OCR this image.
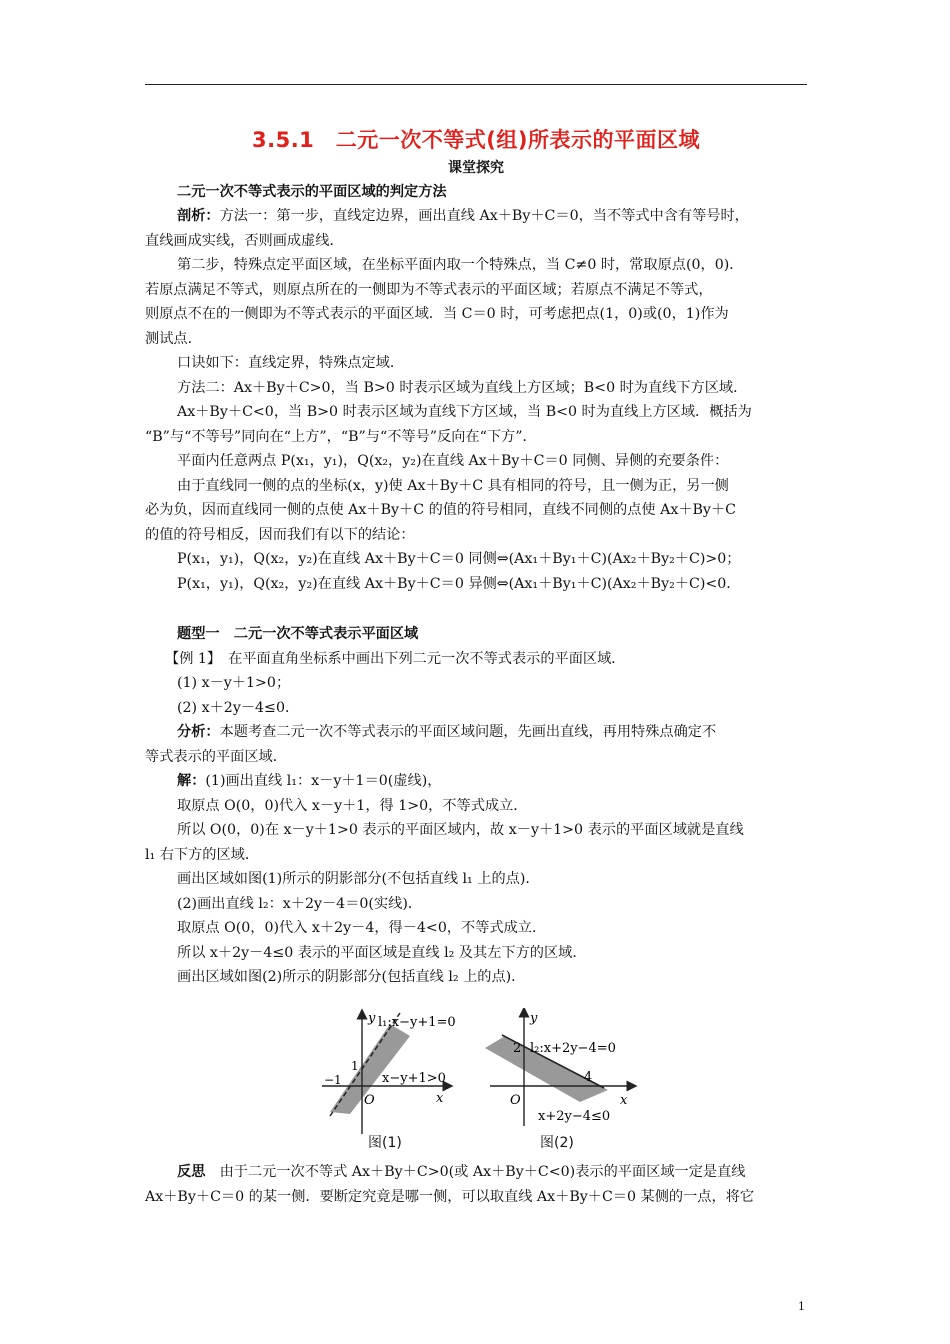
3.5.1　二元一次不等式(组)所表示的平面区域
课堂探究
二元一次不等式表示的平面区域的判定方法
剖析：方法一：第一步，直线定边界，画出直线 Ax＋By＋C＝0，当不等式中含有等号时，
直线画成实线，否则画成虚线．
第二步，特殊点定平面区域，在坐标平面内取一个特殊点，当 C≠0 时，常取原点(0，0)．
若原点满足不等式，则原点所在的一侧即为不等式表示的平面区域；若原点不满足不等式，
则原点不在的一侧即为不等式表示的平面区域．当 C＝0 时，可考虑把点(1，0)或(0，1)作为
测试点．
口诀如下：直线定界，特殊点定域．
方法二：Ax＋By＋C>0，当 B>0 时表示区域为直线上方区域；B<0 时为直线下方区域．
Ax＋By＋C<0，当 B>0 时表示区域为直线下方区域，当 B<0 时为直线上方区域．概括为
“B”与“不等号”同向在“上方”，“B”与“不等号”反向在“下方”．
平面内任意两点 P(x₁，y₁)，Q(x₂，y₂)在直线 Ax＋By＋C＝0 同侧、异侧的充要条件：
由于直线同一侧的点的坐标(x，y)使 Ax＋By＋C 具有相同的符号，且一侧为正，另一侧
必为负，因而直线同一侧的点使 Ax＋By＋C 的值的符号相同，直线不同侧的点使 Ax＋By＋C
的值的符号相反，因而我们有以下的结论：
P(x₁，y₁)，Q(x₂，y₂)在直线 Ax＋By＋C＝0 同侧⇔(Ax₁＋By₁＋C)(Ax₂＋By₂＋C)>0；
P(x₁，y₁)，Q(x₂，y₂)在直线 Ax＋By＋C＝0 异侧⇔(Ax₁＋By₁＋C)(Ax₂＋By₂＋C)<0．
题型一　二元一次不等式表示平面区域
【例 1】　在平面直角坐标系中画出下列二元一次不等式表示的平面区域．
(1) x－y＋1>0；
(2) x＋2y－4≤0．
分析：本题考查二元一次不等式表示的平面区域问题，先画出直线，再用特殊点确定不
等式表示的平面区域．
解：(1)画出直线 l₁：x－y＋1＝0(虚线)，
取原点 O(0，0)代入 x－y＋1，得 1>0，不等式成立．
所以 O(0，0)在 x－y＋1>0 表示的平面区域内，故 x－y＋1>0 表示的平面区域就是直线
l₁ 右下方的区域．
画出区域如图(1)所示的阴影部分(不包括直线 l₁ 上的点)．
(2)画出直线 l₂：x＋2y－4＝0(实线)．
取原点 O(0，0)代入 x＋2y－4，得－4<0，不等式成立．
所以 x＋2y－4≤0 表示的平面区域是直线 l₂ 及其左下方的区域．
画出区域如图(2)所示的阴影部分(包括直线 l₂ 上的点)．
y l₁:x−y+1=0
1
−1	x−y+1>0
O	x
图(1)
y
2 l₂:x+2y−4=0
4
O	x
x+2y−4≤0
图(2)
反思　由于二元一次不等式 Ax＋By＋C>0(或 Ax＋By＋C<0)表示的平面区域一定是直线
Ax＋By＋C＝0 的某一侧．要断定究竟是哪一侧，可以取直线 Ax＋By＋C＝0 某侧的一点，将它
1
